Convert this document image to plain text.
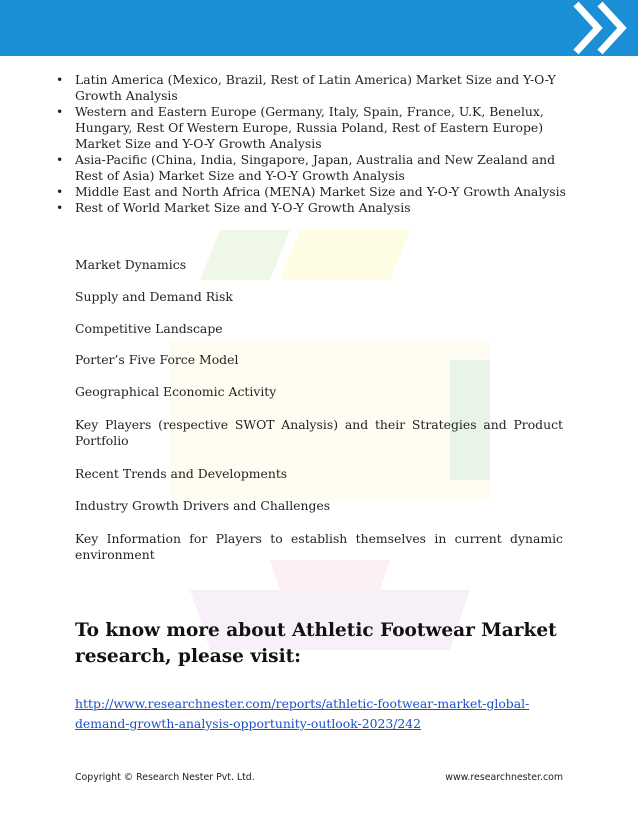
• Latin America (Mexico, Brazil, Rest of Latin America) Market Size and Y-O-Y Growth Analysis
• Western and Eastern Europe (Germany, Italy, Spain, France, U.K, Benelux, Hungary, Rest Of Western Europe, Russia Poland, Rest of Eastern Europe) Market Size and Y-O-Y Growth Analysis
• Asia-Pacific (China, India, Singapore, Japan, Australia and New Zealand and Rest of Asia) Market Size and Y-O-Y Growth Analysis
• Middle East and North Africa (MENA) Market Size and Y-O-Y Growth Analysis
• Rest of World Market Size and Y-O-Y Growth Analysis

Market Dynamics

Supply and Demand Risk

Competitive Landscape

Porter’s Five Force Model

Geographical Economic Activity

Key Players (respective SWOT Analysis) and their Strategies and Product Portfolio

Recent Trends and Developments

Industry Growth Drivers and Challenges

Key Information for Players to establish themselves in current dynamic environment

To know more about Athletic Footwear Market research, please visit:
http://www.researchnester.com/reports/athletic-footwear-market-global-demand-growth-analysis-opportunity-outlook-2023/242
Copyright © Research Nester Pvt. Ltd.	www.researchnester.com
